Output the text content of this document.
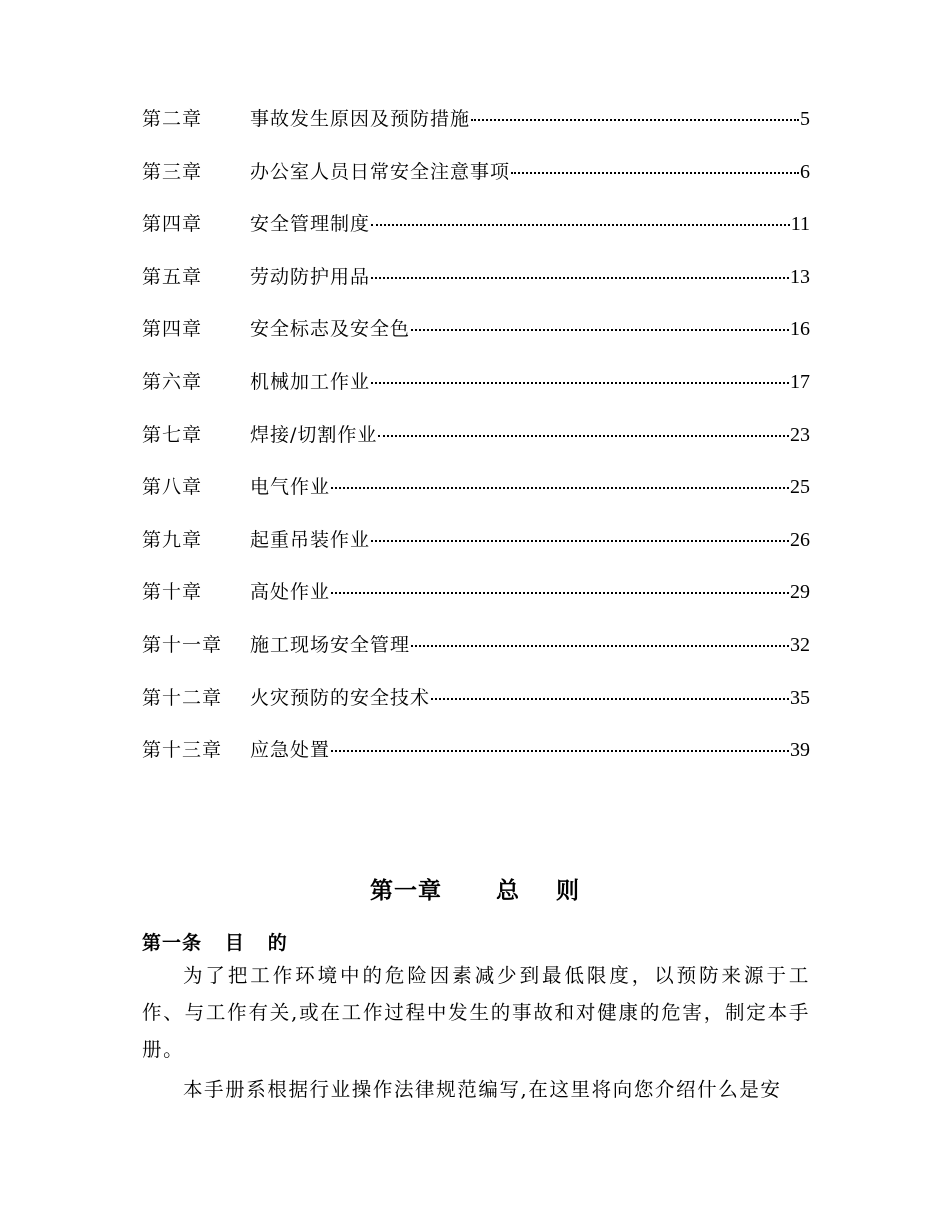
第二章	事故发生原因及预防措施	5
第三章	办公室人员日常安全注意事项	6
第四章	安全管理制度	11
第五章	劳动防护用品	13
第四章	安全标志及安全色	16
第六章	机械加工作业	17
第七章	焊接/切割作业	23
第八章	电气作业	25
第九章	起重吊装作业	26
第十章	高处作业	29
第十一章	施工现场安全管理	32
第十二章	火灾预防的安全技术	35
第十三章	应急处置	39
第一章      总    则
第一条   目   的

为了把工作环境中的危险因素减少到最低限度，以预防来源于工作、与工作有关,或在工作过程中发生的事故和对健康的危害，制定本手册。

本手册系根据行业操作法律规范编写,在这里将向您介绍什么是安
